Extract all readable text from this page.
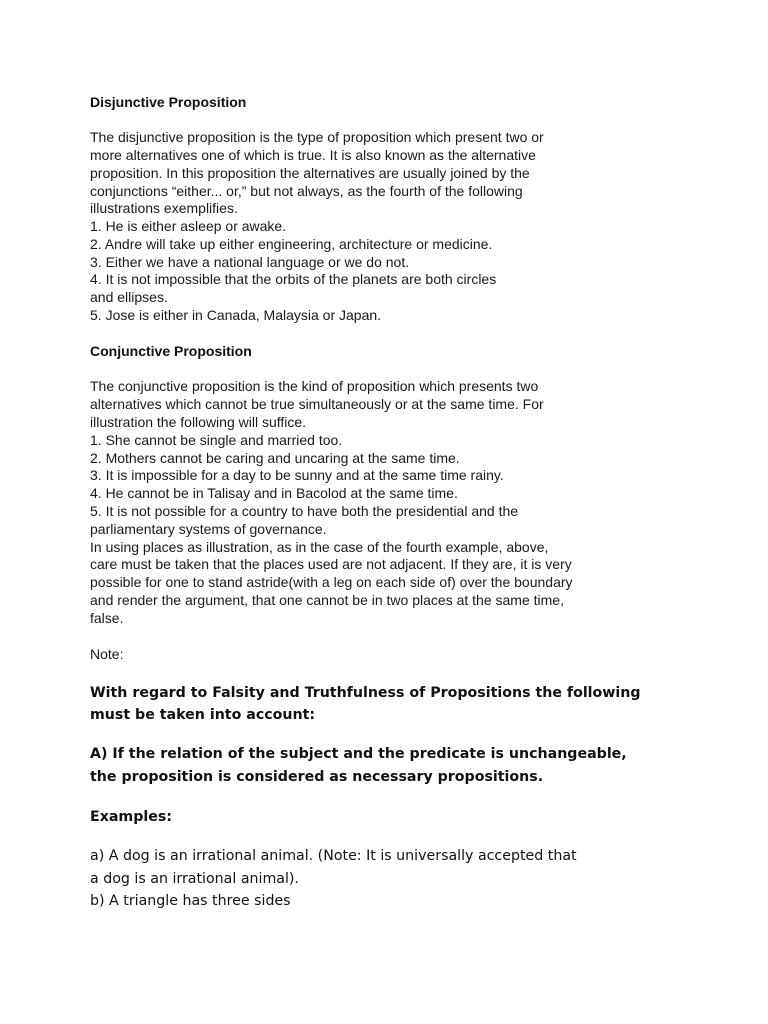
Disjunctive Proposition
The disjunctive proposition is the type of proposition which present two or
more alternatives one of which is true. It is also known as the alternative
proposition. In this proposition the alternatives are usually joined by the
conjunctions “either... or,” but not always, as the fourth of the following
illustrations exemplifies.
1. He is either asleep or awake.
2. Andre will take up either engineering, architecture or medicine.
3. Either we have a national language or we do not.
4. It is not impossible that the orbits of the planets are both circles
and ellipses.
5. Jose is either in Canada, Malaysia or Japan.
Conjunctive Proposition
The conjunctive proposition is the kind of proposition which presents two
alternatives which cannot be true simultaneously or at the same time. For
illustration the following will suffice.
1. She cannot be single and married too.
2. Mothers cannot be caring and uncaring at the same time.
3. It is impossible for a day to be sunny and at the same time rainy.
4. He cannot be in Talisay and in Bacolod at the same time.
5. It is not possible for a country to have both the presidential and the
parliamentary systems of governance.
In using places as illustration, as in the case of the fourth example, above,
care must be taken that the places used are not adjacent. If they are, it is very
possible for one to stand astride(with a leg on each side of) over the boundary
and render the argument, that one cannot be in two places at the same time,
false.
Note:
With regard to Falsity and Truthfulness of Propositions the following
must be taken into account:
A) If the relation of the subject and the predicate is unchangeable,
the proposition is considered as necessary propositions.
Examples:
a) A dog is an irrational animal. (Note: It is universally accepted that
a dog is an irrational animal).
b) A triangle has three sides
